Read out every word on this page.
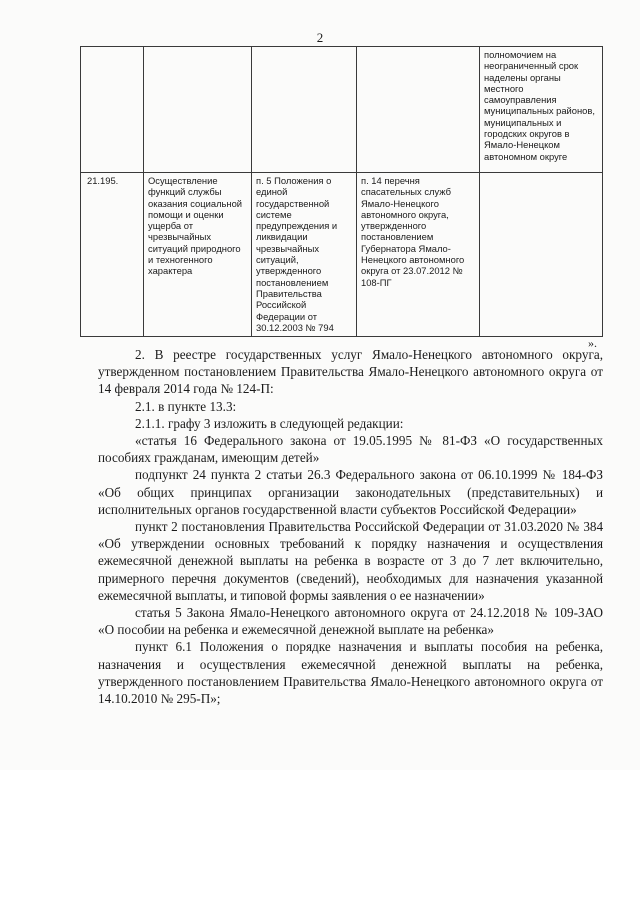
2
				полномочием на неограниченный срок наделены органы местного самоуправления муниципальных районов, муниципальных и городских округов в Ямало-Ненецком автономном округе
21.195.	Осуществление функций службы оказания социальной помощи и оценки ущерба от чрезвычайных ситуаций природного и техногенного характера	п. 5 Положения о единой государственной системе предупреждения и ликвидации чрезвычайных ситуаций, утвержденного постановлением Правительства Российской Федерации от 30.12.2003 № 794	п. 14 перечня спасательных служб Ямало-Ненецкого автономного округа, утвержденного постановлением Губернатора Ямало-Ненецкого автономного округа от 23.07.2012 № 108-ПГ	
».

2. В реестре государственных услуг Ямало-Ненецкого автономного округа, утвержденном постановлением Правительства Ямало-Ненецкого автономного округа от 14 февраля 2014 года № 124-П:

2.1. в пункте 13.3:

2.1.1. графу 3 изложить в следующей редакции:

«статья 16 Федерального закона от 19.05.1995 № 81-ФЗ «О государственных пособиях гражданам, имеющим детей»

подпункт 24 пункта 2 статьи 26.3 Федерального закона от 06.10.1999 № 184-ФЗ «Об общих принципах организации законодательных (представительных) и исполнительных органов государственной власти субъектов Российской Федерации»

пункт 2 постановления Правительства Российской Федерации от 31.03.2020 № 384 «Об утверждении основных требований к порядку назначения и осуществления ежемесячной денежной выплаты на ребенка в возрасте от 3 до 7 лет включительно, примерного перечня документов (сведений), необходимых для назначения указанной ежемесячной выплаты, и типовой формы заявления о ее назначении»

статья 5 Закона Ямало-Ненецкого автономного округа от 24.12.2018 № 109-ЗАО «О пособии на ребенка и ежемесячной денежной выплате на ребенка»

пункт 6.1 Положения о порядке назначения и выплаты пособия на ребенка, назначения и осуществления ежемесячной денежной выплаты на ребенка, утвержденного постановлением Правительства Ямало-Ненецкого автономного округа от 14.10.2010 № 295-П»;
